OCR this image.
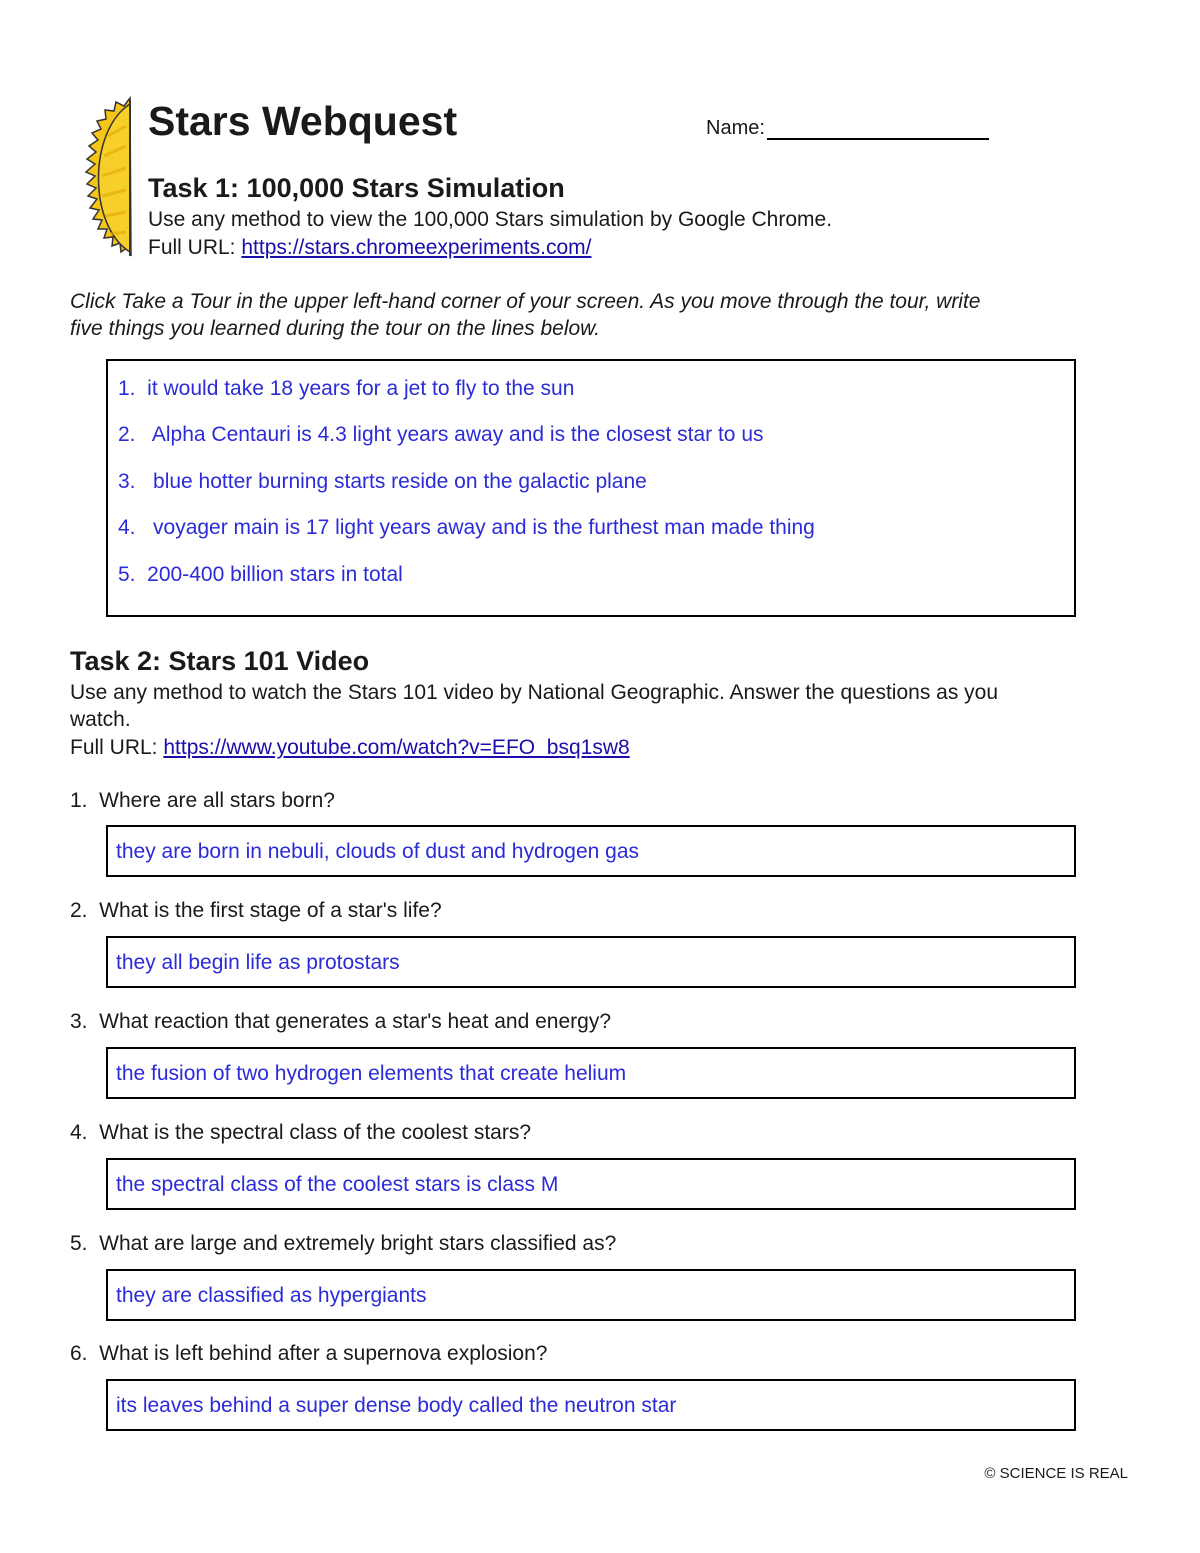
Stars Webquest	Name:
Task 1: 100,000 Stars Simulation
Use any method to view the 100,000 Stars simulation by Google Chrome.
Full URL: https://stars.chromeexperiments.com/
Click Take a Tour in the upper left-hand corner of your screen. As you move through the tour, write
five things you learned during the tour on the lines below.
1.  it would take 18 years for a jet to fly to the sun
2.   Alpha Centauri is 4.3 light years away and is the closest star to us
3.   blue hotter burning starts reside on the galactic plane
4.   voyager main is 17 light years away and is the furthest man made thing
5.  200-400 billion stars in total
Task 2: Stars 101 Video
Use any method to watch the Stars 101 video by National Geographic. Answer the questions as you
watch.
Full URL: https://www.youtube.com/watch?v=EFO_bsq1sw8
1.  Where are all stars born?
they are born in nebuli, clouds of dust and hydrogen gas
2.  What is the first stage of a star's life?
they all begin life as protostars
3.  What reaction that generates a star's heat and energy?
the fusion of two hydrogen elements that create helium
4.  What is the spectral class of the coolest stars?
the spectral class of the coolest stars is class M
5.  What are large and extremely bright stars classified as?
they are classified as hypergiants
6.  What is left behind after a supernova explosion?
its leaves behind a super dense body called the neutron star
© SCIENCE IS REAL
